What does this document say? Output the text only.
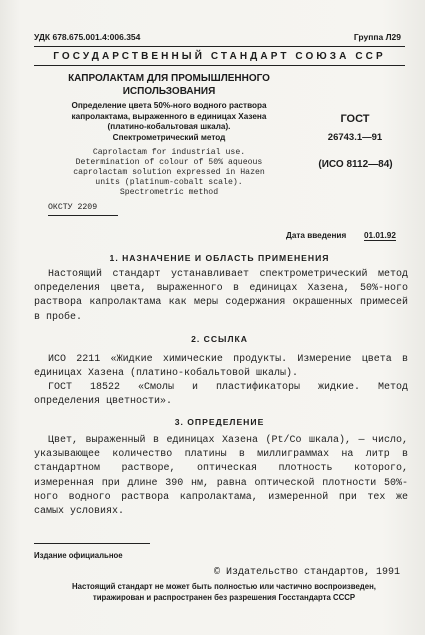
УДК 678.675.001.4:006.354	Группа Л29
ГОСУДАРСТВЕННЫЙ СТАНДАРТ СОЮЗА ССР
КАПРОЛАКТАМ ДЛЯ ПРОМЫШЛЕННОГО
ИСПОЛЬЗОВАНИЯ
Определение цвета 50%-ного водного раствора
капролактама, выраженного в единицах Хазена
(платино-кобальтовая шкала).
Спектрометрический метод
Caprolactam for industrial use.
Determination of colour of 50% aqueous
caprolactam solution expressed in Hazen
units (platinum-cobalt scale).
Spectrometric method
ГОСТ
26743.1—91
(ИСО 8112—84)
ОКСТУ 2209
Дата введения 01.01.92
1. НАЗНАЧЕНИЕ И ОБЛАСТЬ ПРИМЕНЕНИЯ
Настоящий стандарт устанавливает спектрометрический метод определения цвета, выраженного в единицах Хазена, 50%-ного раствора капролактама как меры содержания окрашенных примесей в пробе.
2. ССЫЛКА
ИСО 2211 «Жидкие химические продукты. Измерение цвета в единицах Хазена (платино-кобальтовой шкалы).
ГОСТ 18522 «Смолы и пластификаторы жидкие. Метод определения цветности».
3. ОПРЕДЕЛЕНИЕ
Цвет, выраженный в единицах Хазена (Pt/Co шкала), — число, указывающее количество платины в миллиграммах на литр в стандартном растворе, оптическая плотность которого, измеренная при длине 390 нм, равна оптической плотности 50%-ного водного раствора капролактама, измеренной при тех же самых условиях.
Издание официальное
© Издательство стандартов, 1991
Настоящий стандарт не может быть полностью или частично воспроизведен,
тиражирован и распространен без разрешения Госстандарта СССР
